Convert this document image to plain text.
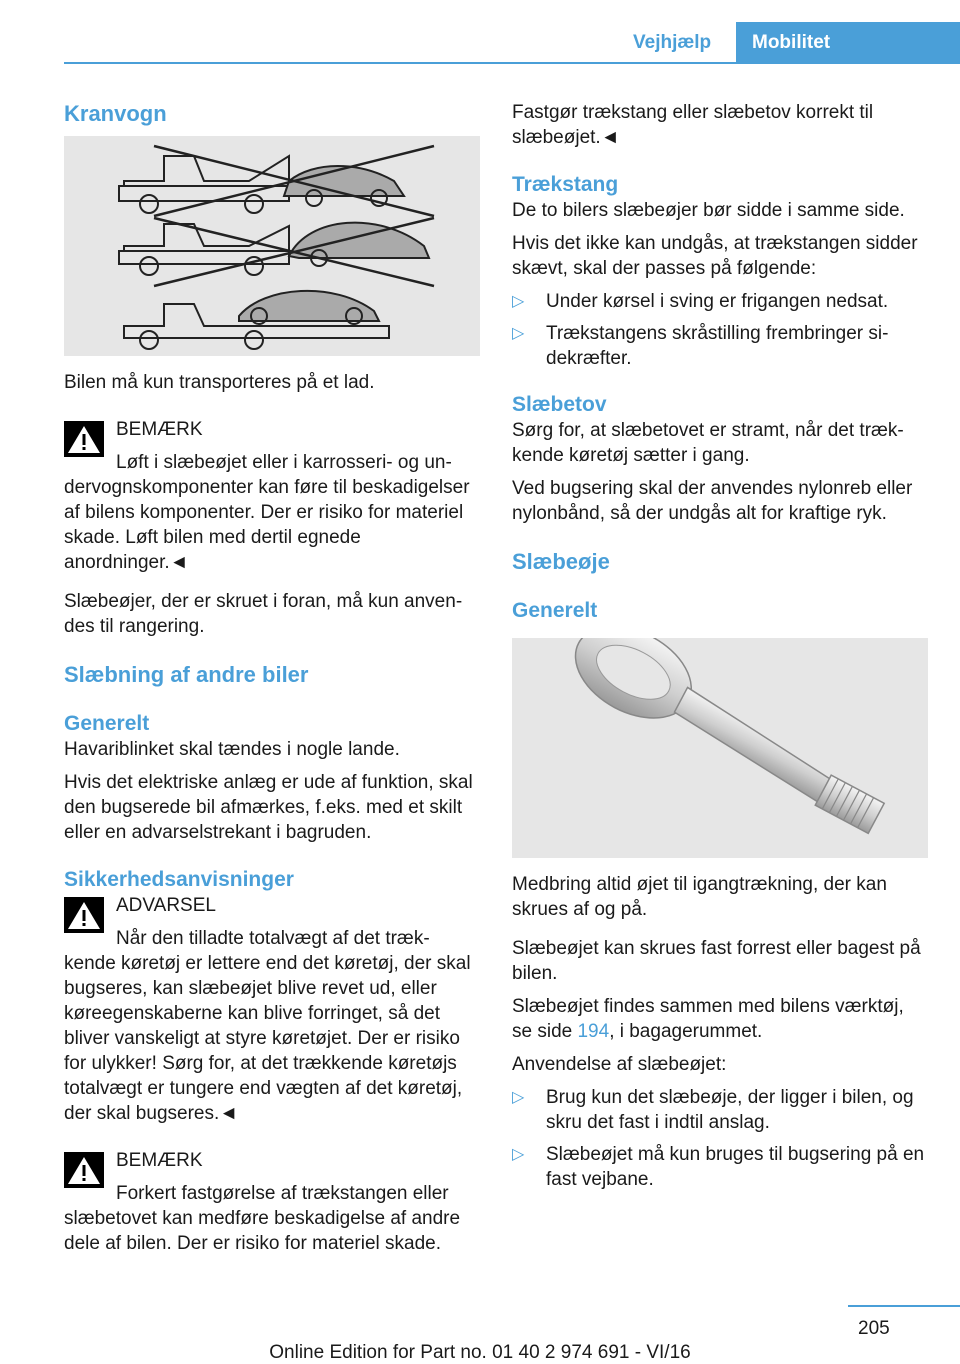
Vejhjælp	Mobilitet
Kranvogn

Bilen må kun transporteres på et lad.

BEMÆRK

Løft i slæbeøjet eller i karrosseri- og un-

dervognskomponenter kan føre til beskadigelser af bilens komponenter. Der er risiko for materiel skade. Løft bilen med dertil egnede anordninger.◄

Slæbeøjer, der er skruet i foran, må kun anvendes til rangering.

Slæbning af andre biler
Generelt

Havariblinket skal tændes i nogle lande.

Hvis det elektriske anlæg er ude af funktion, skal den bugserede bil afmærkes, f.eks. med et skilt eller en advarselstrekant i bagruden.

Sikkerhedsanvisninger

ADVARSEL

Når den tilladte totalvægt af det træk-

kende køretøj er lettere end det køretøj, der skal bugseres, kan slæbeøjet blive revet ud, eller køreegenskaberne kan blive forringet, så det bliver vanskeligt at styre køretøjet. Der er risiko for ulykker! Sørg for, at det trækkende køretøjs totalvægt er tungere end vægten af det køretøj, der skal bugseres.◄

BEMÆRK

Forkert fastgørelse af trækstangen eller

slæbetovet kan medføre beskadigelse af andre dele af bilen. Der er risiko for materiel skade.

Fastgør trækstang eller slæbetov korrekt til slæbeøjet.◄

Trækstang

De to bilers slæbeøjer bør sidde i samme side.

Hvis det ikke kan undgås, at trækstangen sidder skævt, skal der passes på følgende:

▷ Under kørsel i sving er frigangen nedsat.
▷ Trækstangens skråstilling frembringer sidekræfter.
Slæbetov

Sørg for, at slæbetovet er stramt, når det trækkende køretøj sætter i gang.

Ved bugsering skal der anvendes nylonreb eller nylonbånd, så der undgås alt for kraftige ryk.

Slæbeøje
Generelt

Medbring altid øjet til igangtrækning, der kan skrues af og på.

Slæbeøjet kan skrues fast forrest eller bagest på bilen.

Slæbeøjet findes sammen med bilens værktøj, se side 194, i bagagerummet.

Anvendelse af slæbeøjet:

▷ Brug kun det slæbeøje, der ligger i bilen, og skru det fast i indtil anslag.
▷ Slæbeøjet må kun bruges til bugsering på en fast vejbane.
205
Online Edition for Part no. 01 40 2 974 691 - VI/16
